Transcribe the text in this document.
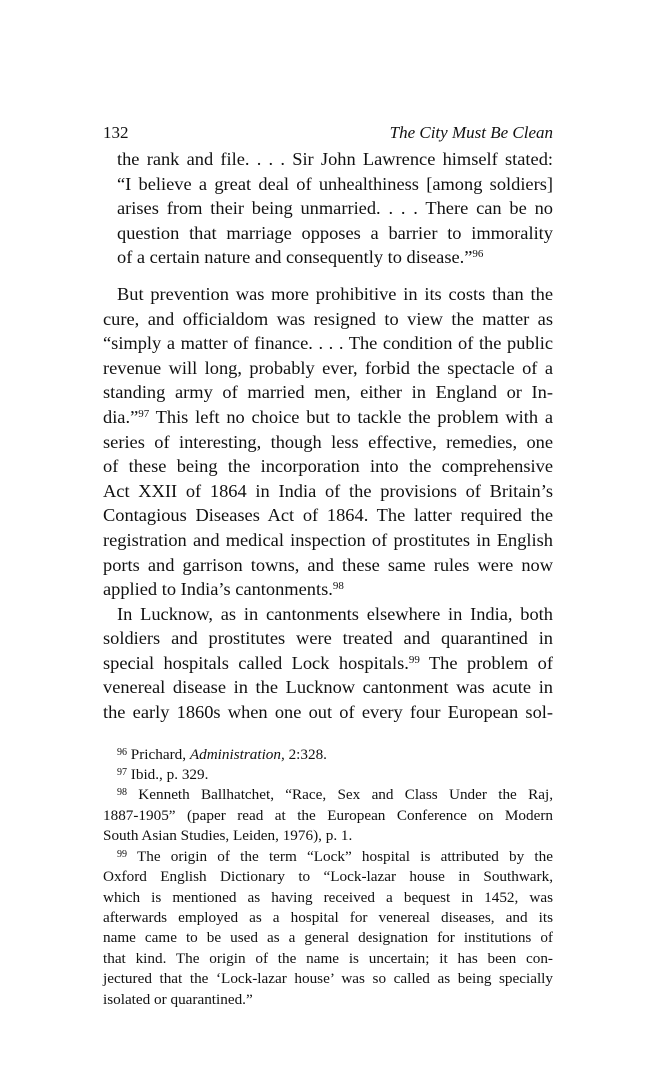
132	The City Must Be Clean
the rank and file. . . . Sir John Lawrence himself stated:
“I believe a great deal of unhealthiness [among soldiers]
arises from their being unmarried. . . . There can be no
question that marriage opposes a barrier to immorality
of a certain nature and consequently to disease.”$^{96}$
But prevention was more prohibitive in its costs than the
cure, and officialdom was resigned to view the matter as
“simply a matter of finance. . . . The condition of the public
revenue will long, probably ever, forbid the spectacle of a
standing army of married men, either in England or In-
dia.”$^{97}$ This left no choice but to tackle the problem with a
series of interesting, though less effective, remedies, one
of these being the incorporation into the comprehensive
Act XXII of 1864 in India of the provisions of Britain’s
Contagious Diseases Act of 1864. The latter required the
registration and medical inspection of prostitutes in English
ports and garrison towns, and these same rules were now
applied to India’s cantonments.$^{98}$
In Lucknow, as in cantonments elsewhere in India, both
soldiers and prostitutes were treated and quarantined in
special hospitals called Lock hospitals.$^{99}$ The problem of
venereal disease in the Lucknow cantonment was acute in
the early 1860s when one out of every four European sol-

$^{96}$ Prichard, Administration, 2:328.

$^{97}$ Ibid., p. 329.

$^{98}$ Kenneth Ballhatchet, “Race, Sex and Class Under the Raj,
1887-1905” (paper read at the European Conference on Modern
South Asian Studies, Leiden, 1976), p. 1.
$^{99}$ The origin of the term “Lock” hospital is attributed by the
Oxford English Dictionary to “Lock-lazar house in Southwark,
which is mentioned as having received a bequest in 1452, was
afterwards employed as a hospital for venereal diseases, and its
name came to be used as a general designation for institutions of
that kind. The origin of the name is uncertain; it has been con-
jectured that the ‘Lock-lazar house’ was so called as being specially
isolated or quarantined.”
